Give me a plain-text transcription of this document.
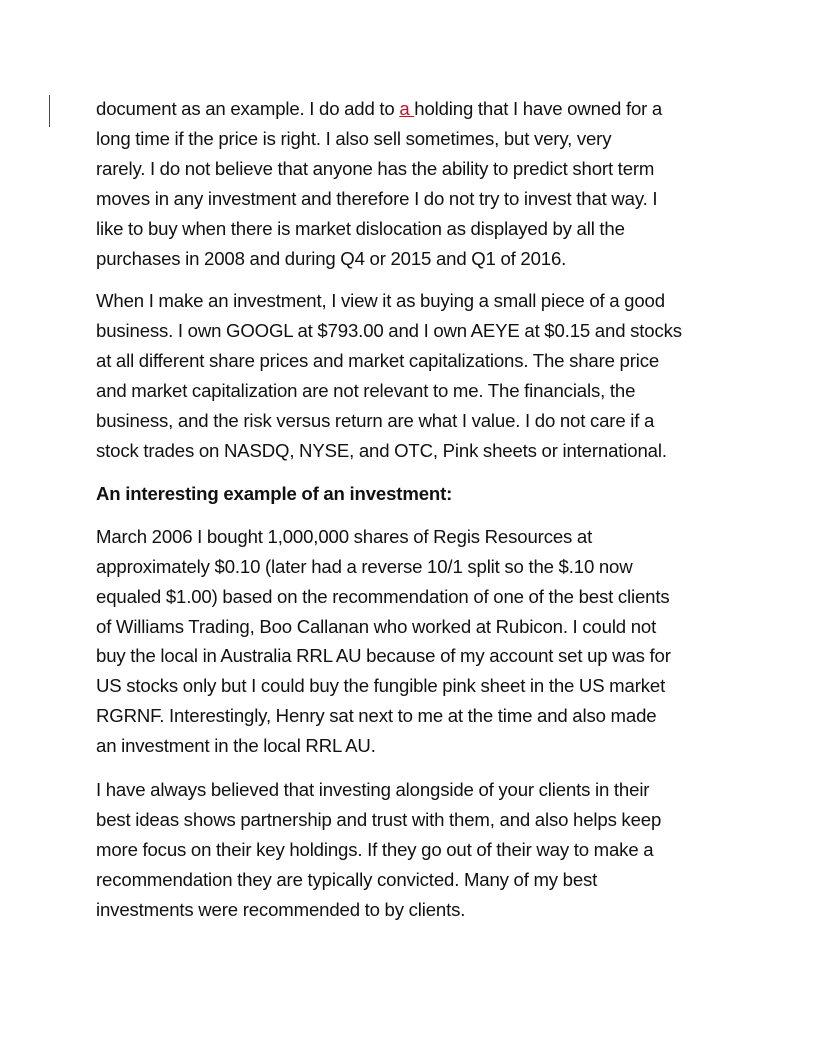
document as an example. I do add to a holding that I have owned for a
long time if the price is right. I also sell sometimes, but very, very
rarely. I do not believe that anyone has the ability to predict short term
moves in any investment and therefore I do not try to invest that way. I
like to buy when there is market dislocation as displayed by all the
purchases in 2008 and during Q4 or 2015 and Q1 of 2016.

When I make an investment, I view it as buying a small piece of a good
business. I own GOOGL at $793.00 and I own AEYE at $0.15 and stocks
at all different share prices and market capitalizations. The share price
and market capitalization are not relevant to me. The financials, the
business, and the risk versus return are what I value. I do not care if a
stock trades on NASDQ, NYSE, and OTC, Pink sheets or international.

An interesting example of an investment:

March 2006 I bought 1,000,000 shares of Regis Resources at
approximately $0.10 (later had a reverse 10/1 split so the $.10 now
equaled $1.00) based on the recommendation of one of the best clients
of Williams Trading, Boo Callanan who worked at Rubicon. I could not
buy the local in Australia RRL AU because of my account set up was for
US stocks only but I could buy the fungible pink sheet in the US market
RGRNF. Interestingly, Henry sat next to me at the time and also made
an investment in the local RRL AU.

I have always believed that investing alongside of your clients in their
best ideas shows partnership and trust with them, and also helps keep
more focus on their key holdings. If they go out of their way to make a
recommendation they are typically convicted. Many of my best
investments were recommended to by clients.
